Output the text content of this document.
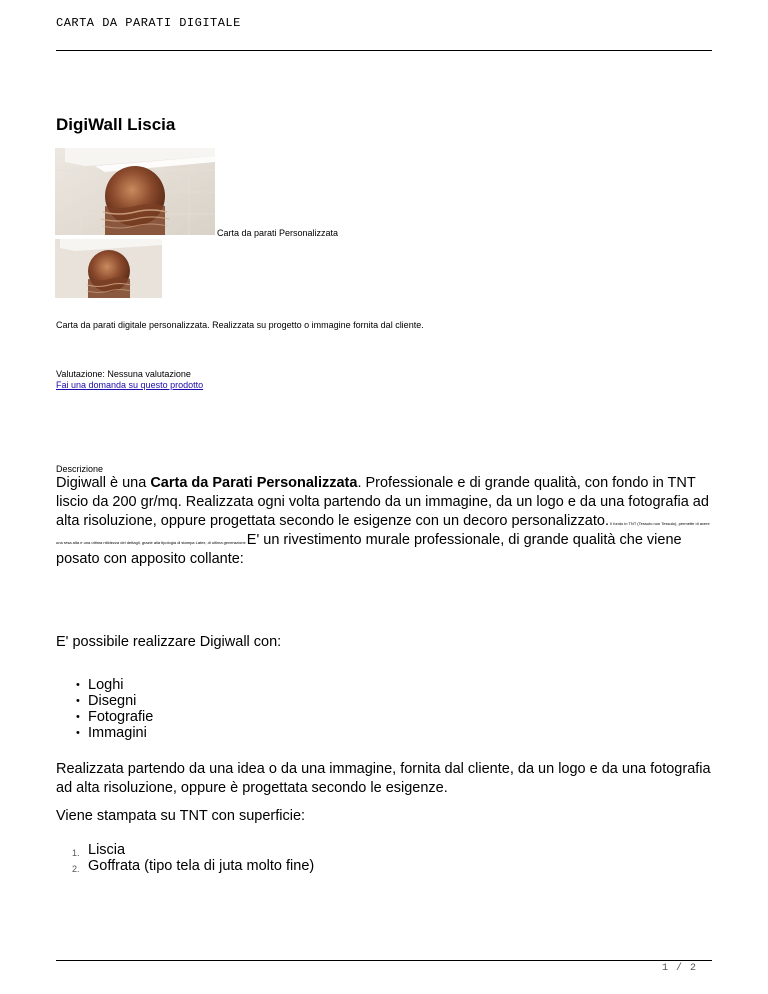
CARTA DA PARATI DIGITALE
DigiWall Liscia
Carta da parati Personalizzata
Carta da parati digitale personalizzata. Realizzata su progetto o immagine fornita dal cliente.
Valutazione: Nessuna valutazione
Fai una domanda su questo prodotto
Descrizione
Digiwall è una Carta da Parati Personalizzata. Professionale e di grande qualità, con fondo in TNT liscio da 200 gr/mq. Realizzata ogni volta partendo da un immagine, da un logo e da una fotografia ad alta risoluzione, oppure progettata secondo le esigenze con un decoro personalizzato. Il fondo in TNT (Tessuto non Tessuto), permette di avere una resa alta e una ottima nitidezza dei dettagli, grazie alla tipologia di stampa Latex, di ultima generazione E' un rivestimento murale professionale, di grande qualità che viene posato con apposito collante:
E' possibile realizzare Digiwall con:
• Loghi
• Disegni
• Fotografie
• Immagini
Realizzata partendo da una idea o da una immagine, fornita dal cliente, da un logo e da una fotografia ad alta risoluzione, oppure è progettata secondo le esigenze.
Viene stampata su TNT con superficie:
1. Liscia
2. Goffrata (tipo tela di juta molto fine)
1 / 2
